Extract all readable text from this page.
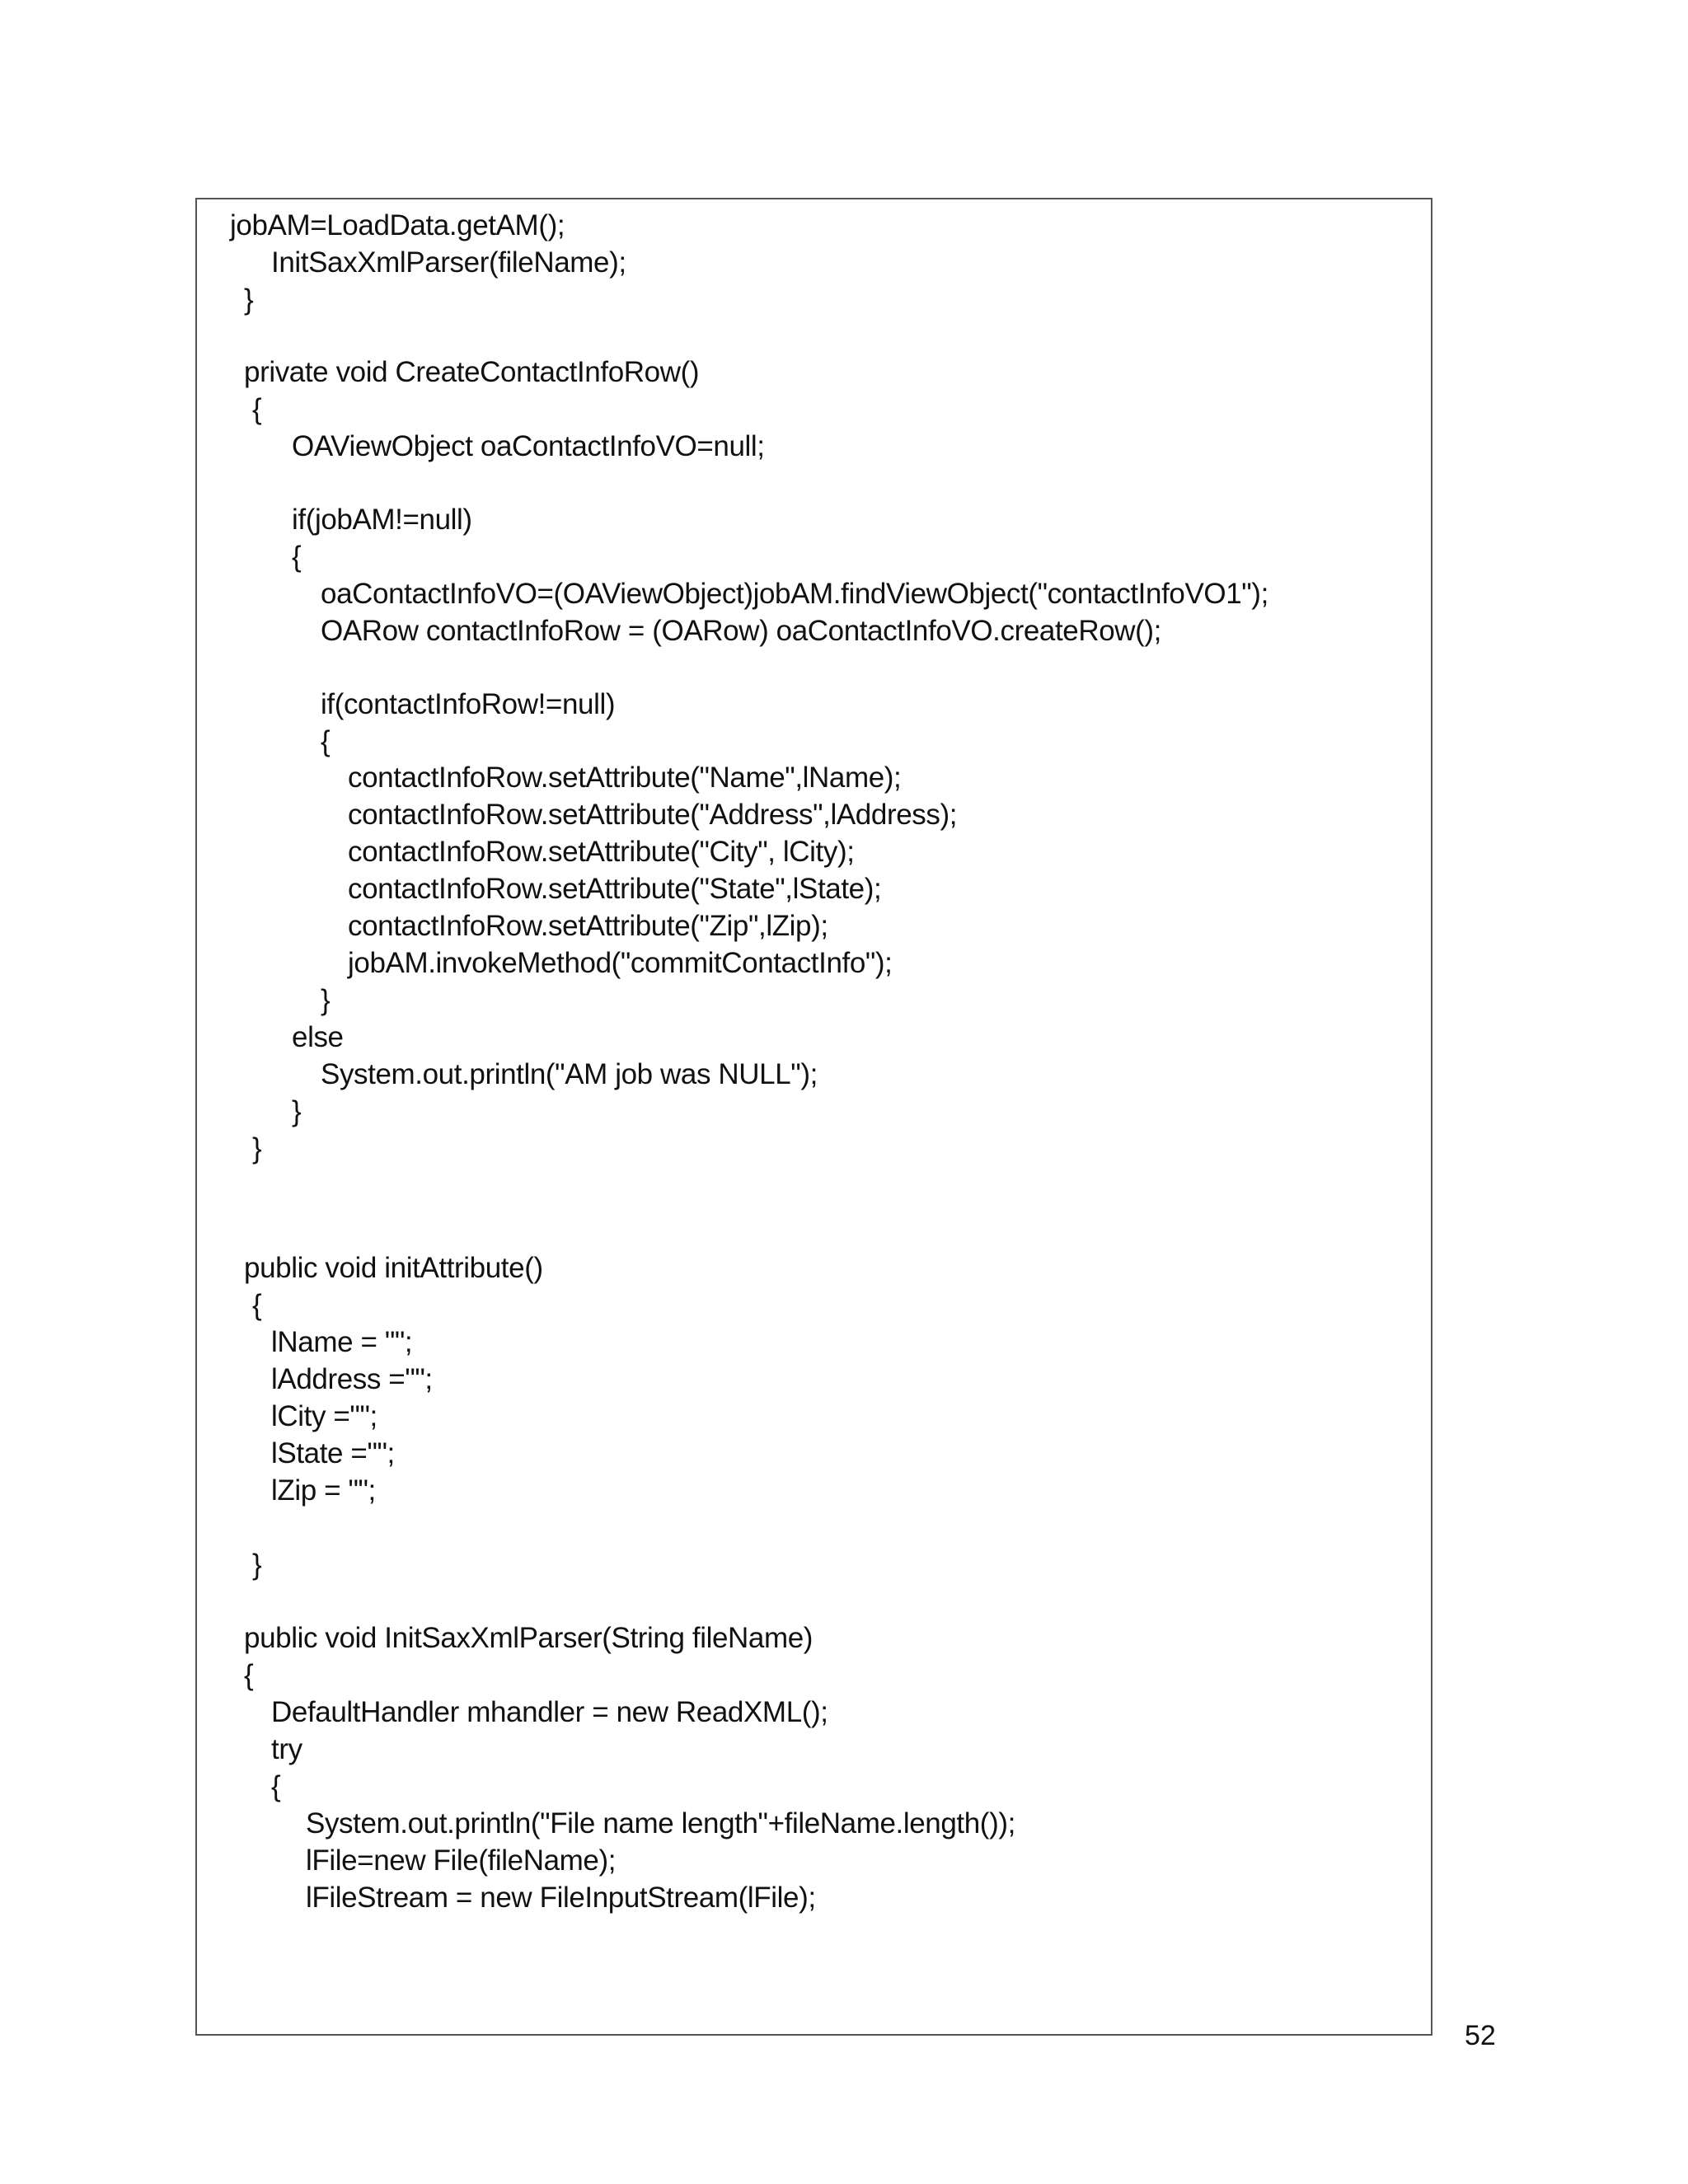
jobAM=LoadData.getAM();
InitSaxXmlParser(fileName);
}
private void CreateContactInfoRow()
{
OAViewObject oaContactInfoVO=null;
if(jobAM!=null)
{
oaContactInfoVO=(OAViewObject)jobAM.findViewObject("contactInfoVO1");
OARow contactInfoRow = (OARow) oaContactInfoVO.createRow();
if(contactInfoRow!=null)
{
contactInfoRow.setAttribute("Name",lName);
contactInfoRow.setAttribute("Address",lAddress);
contactInfoRow.setAttribute("City", lCity);
contactInfoRow.setAttribute("State",lState);
contactInfoRow.setAttribute("Zip",lZip);
jobAM.invokeMethod("commitContactInfo");
}
else
System.out.println("AM job was NULL");
}
}
public void initAttribute()
{
lName = "";
lAddress ="";
lCity ="";
lState ="";
lZip = "";
}
public void InitSaxXmlParser(String fileName)
{
DefaultHandler mhandler = new ReadXML();
try
{
System.out.println("File name length"+fileName.length());
lFile=new File(fileName);
lFileStream = new FileInputStream(lFile);
52
